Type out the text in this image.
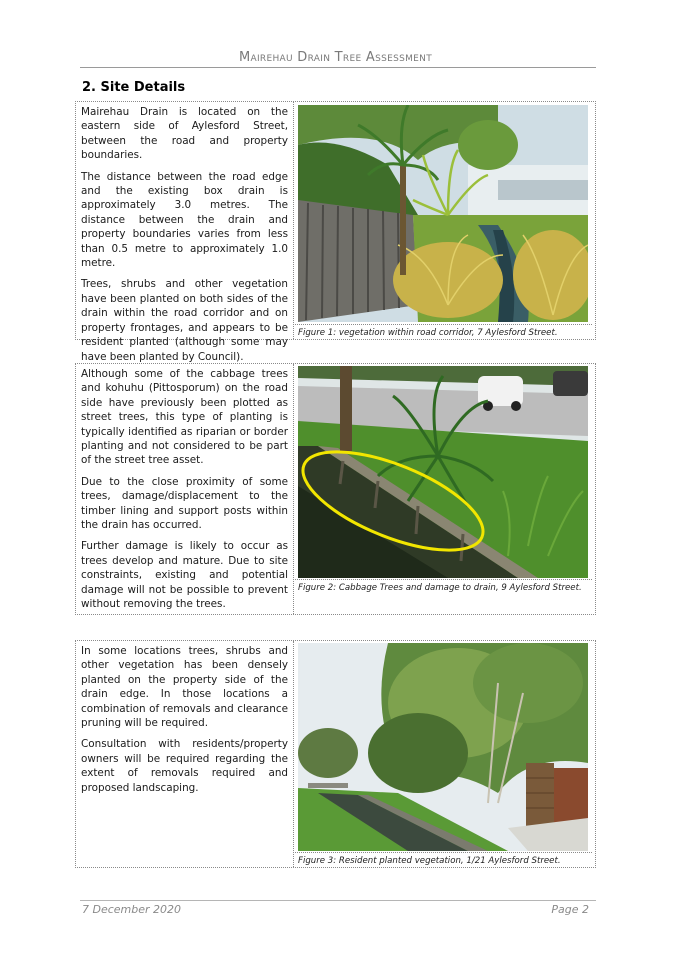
Mairehau Drain Tree Assessment
2. Site Details

Mairehau Drain is located on the eastern side of Aylesford Street, between the road and property boundaries.

The distance between the road edge and the existing box drain is approximately 3.0 metres. The distance between the drain and property boundaries varies from less than 0.5 metre to approximately 1.0 metre.

Trees, shrubs and other vegetation have been planted on both sides of the drain within the road corridor and on property frontages, and appears to be resident planted (although some may have been planted by Council).

Figure 1: vegetation within road corridor, 7 Aylesford Street.

Although some of the cabbage trees and kohuhu (Pittosporum) on the road side have previously been plotted as street trees, this type of planting is typically identified as riparian or border planting and not considered to be part of the street tree asset.

Due to the close proximity of some trees, damage/displacement to the timber lining and support posts within the drain has occurred.

Further damage is likely to occur as trees develop and mature. Due to site constraints, existing and potential damage will not be possible to prevent without removing the trees.

Figure 2: Cabbage Trees and damage to drain, 9 Aylesford Street.

In some locations trees, shrubs and other vegetation has been densely planted on the property side of the drain edge. In those locations a combination of removals and clearance pruning will be required.

Consultation with residents/property owners will be required regarding the extent of removals required and proposed landscaping.

Figure 3: Resident planted vegetation, 1/21 Aylesford Street.
7 December 2020	Page 2
